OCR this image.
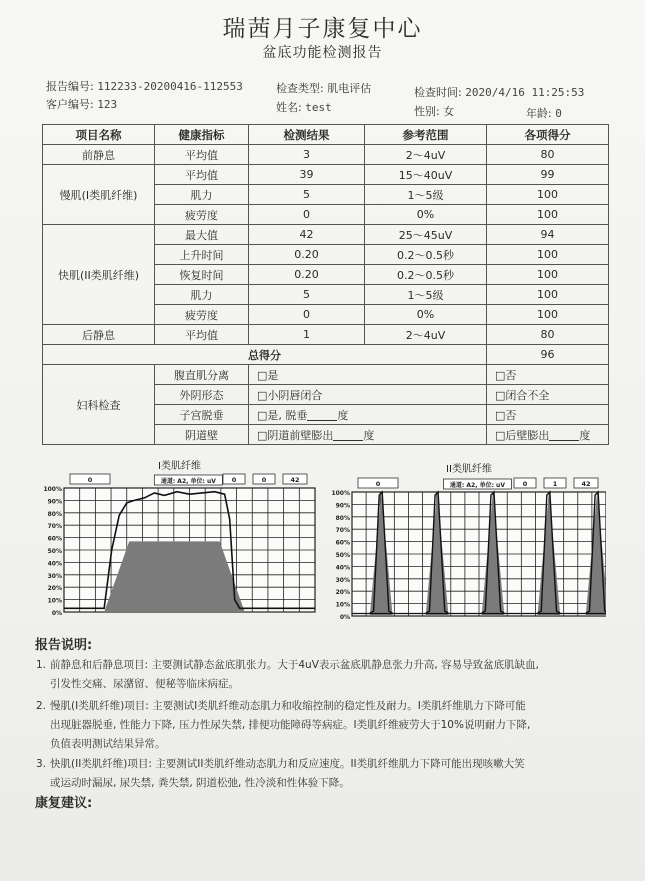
瑞茜月子康复中心
盆底功能检测报告
报告编号: 112233-20200416-112553	检查类型: 肌电评估	检查时间: 2020/4/16 11:25:53
客户编号: 123	姓名: test	性别: 女	年龄: 0
项目名称	健康指标	检测结果	参考范围	各项得分
前静息	平均值	3	2～4uV	80
慢肌(I类肌纤维)	平均值	39	15～40uV	99
	肌力	5	1～5级	100
	疲劳度	0	0%	100
快肌(II类肌纤维)	最大值	42	25～45uV	94
	上升时间	0.20	0.2～0.5秒	100
	恢复时间	0.20	0.2～0.5秒	100
	肌力	5	1～5级	100
	疲劳度	0	0%	100
后静息	平均值	1	2～4uV	80
总得分				96
妇科检查	腹直肌分离	□是		□否
	外阴形态	□小阴唇闭合		□闭合不全
	子宫脱垂	□是, 脱垂 度		□否
	阴道壁	□阴道前壁膨出 度		□后壁膨出 度
I类肌纤维
100%
90%
80%
70%
60%
50%
40%
30%
20%
10%
0%
0	通道: A2, 单位: uV 0	0	42
II类肌纤维
100%
90%
80%
70%
60%
50%
40%
30%
20%
10%
0%
0	通道: A2, 单位: uV	0	1	42
报告说明:
1. 前静息和后静息项目: 主要测试静态盆底肌张力。大于4uV表示盆底肌静息张力升高, 容易导致盆底肌缺血,
引发性交痛、尿潴留、便秘等临床病症。
2. 慢肌(I类肌纤维)项目: 主要测试I类肌纤维动态肌力和收缩控制的稳定性及耐力。I类肌纤维肌力下降可能
出现脏器脱垂, 性能力下降, 压力性尿失禁, 排便功能障碍等病症。I类肌纤维疲劳大于10%说明耐力下降,
负值表明测试结果异常。
3. 快肌(II类肌纤维)项目: 主要测试II类肌纤维动态肌力和反应速度。II类肌纤维肌力下降可能出现咳嗽大笑
或运动时漏尿, 尿失禁, 粪失禁, 阴道松弛, 性冷淡和性体验下降。
康复建议:
